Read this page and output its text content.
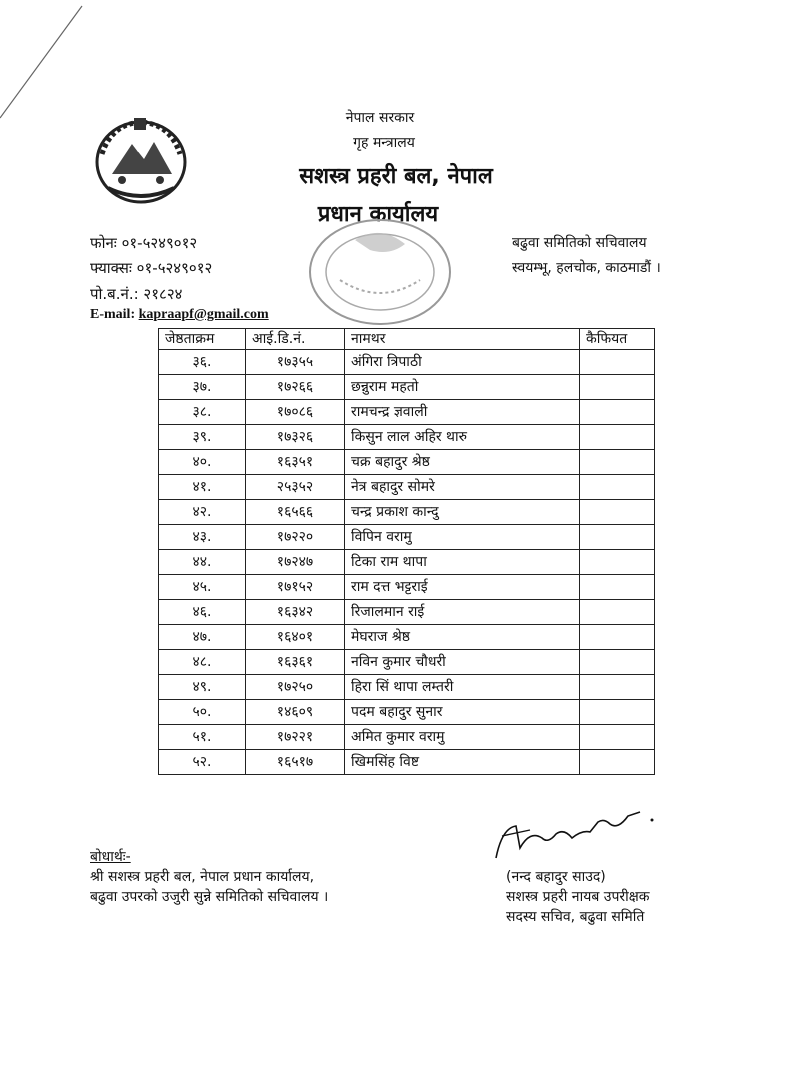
नेपाल सरकार
गृह मन्त्रालय
सशस्त्र प्रहरी बल, नेपाल
प्रधान कार्यालय
फोनः ०१-५२४९०१२
फ्याक्सः ०१-५२४९०१२
पो.ब.नं.: २१८२४
E-mail: kapraapf@gmail.com
बढुवा समितिको सचिवालय
स्वयम्भू, हलचोक, काठमाडौं ।
जेष्ठताक्रम	आई.डि.नं.	नामथर	कैफियत
३६.	१७३५५	अंगिरा त्रिपाठी	
३७.	१७२६६	छन्नुराम महतो	
३८.	१७०८६	रामचन्द्र ज्ञवाली	
३९.	१७३२६	किसुन लाल अहिर थारु	
४०.	१६३५१	चक्र बहादुर श्रेष्ठ	
४१.	२५३५२	नेत्र बहादुर सोमरे	
४२.	१६५६६	चन्द्र प्रकाश कान्दु	
४३.	१७२२०	विपिन वरामु	
४४.	१७२४७	टिका राम थापा	
४५.	१७१५२	राम दत्त भट्टराई	
४६.	१६३४२	रिजालमान राई	
४७.	१६४०१	मेघराज श्रेष्ठ	
४८.	१६३६१	नविन कुमार चौधरी	
४९.	१७२५०	हिरा सिं थापा लम्तरी	
५०.	१४६०९	पदम बहादुर सुनार	
५१.	१७२२१	अमित कुमार वरामु	
५२.	१६५१७	खिमसिंह विष्ट	
बोधार्थः-
श्री सशस्त्र प्रहरी बल, नेपाल प्रधान कार्यालय,
बढुवा उपरको उजुरी सुन्ने समितिको सचिवालय ।
(नन्द बहादुर साउद)
सशस्त्र प्रहरी नायब उपरीक्षक
सदस्य सचिव, बढुवा समिति
